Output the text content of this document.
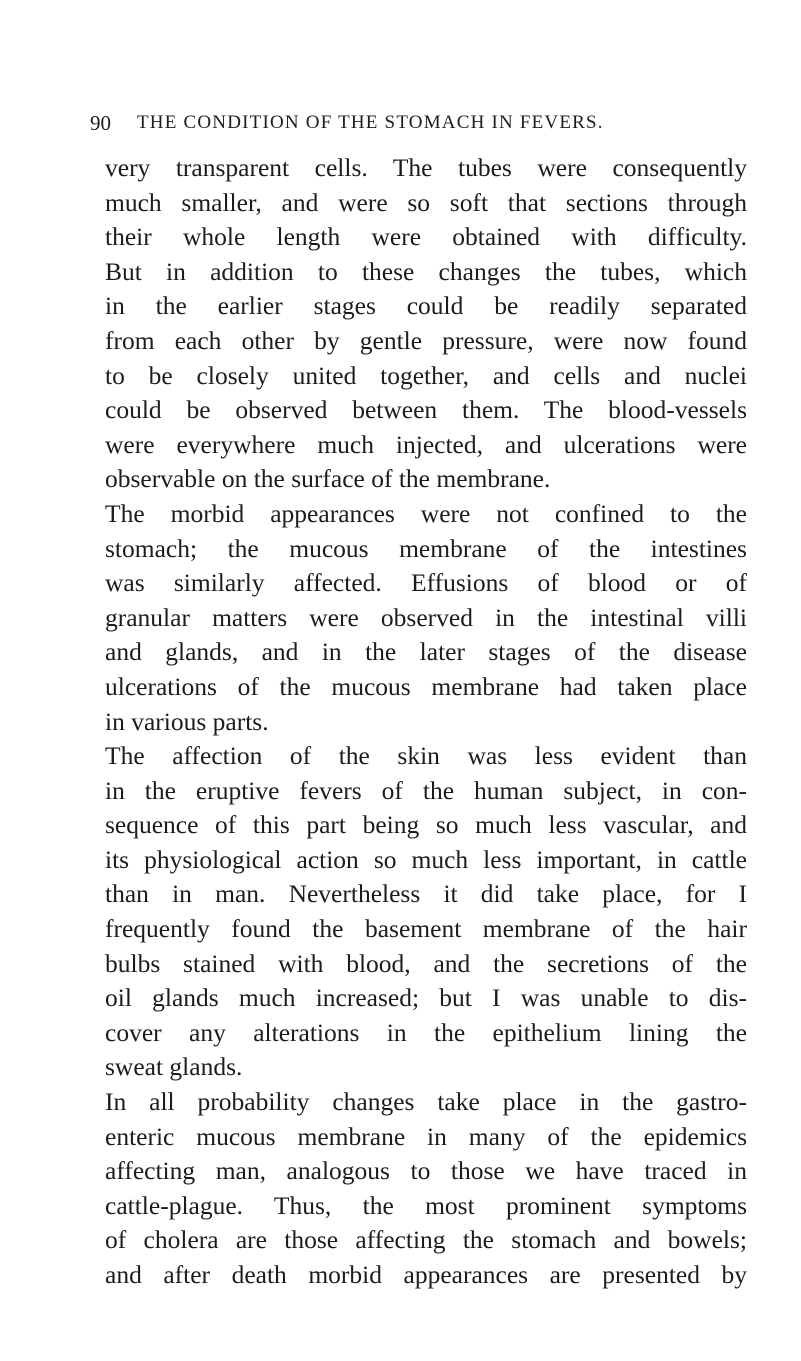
90 THE CONDITION OF THE STOMACH IN FEVERS.
very transparent cells. The tubes were consequently
much smaller, and were so soft that sections through
their whole length were obtained with difficulty.
But in addition to these changes the tubes, which
in the earlier stages could be readily separated
from each other by gentle pressure, were now found
to be closely united together, and cells and nuclei
could be observed between them. The blood-vessels
were everywhere much injected, and ulcerations were
observable on the surface of the membrane.
The morbid appearances were not confined to the
stomach; the mucous membrane of the intestines
was similarly affected. Effusions of blood or of
granular matters were observed in the intestinal villi
and glands, and in the later stages of the disease
ulcerations of the mucous membrane had taken place
in various parts.
The affection of the skin was less evident than
in the eruptive fevers of the human subject, in con-
sequence of this part being so much less vascular, and
its physiological action so much less important, in cattle
than in man. Nevertheless it did take place, for I
frequently found the basement membrane of the hair
bulbs stained with blood, and the secretions of the
oil glands much increased; but I was unable to dis-
cover any alterations in the epithelium lining the
sweat glands.
In all probability changes take place in the gastro-
enteric mucous membrane in many of the epidemics
affecting man, analogous to those we have traced in
cattle-plague. Thus, the most prominent symptoms
of cholera are those affecting the stomach and bowels;
and after death morbid appearances are presented by
